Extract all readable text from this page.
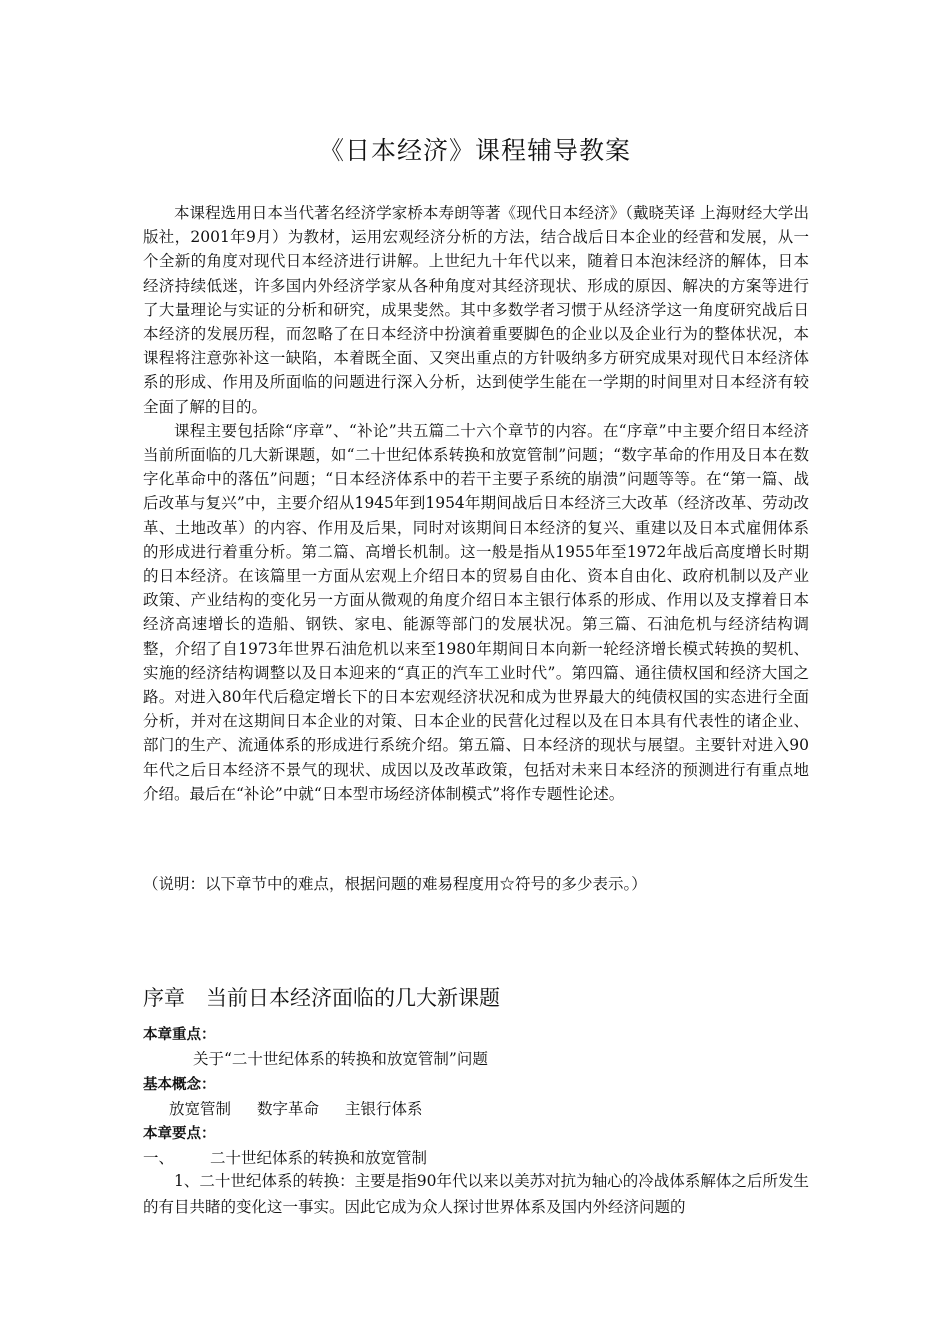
《日本经济》课程辅导教案

本课程选用日本当代著名经济学家桥本寿朗等著《现代日本经济》（戴晓芙译 上海财经大学出版社，2001年9月）为教材，运用宏观经济分析的方法，结合战后日本企业的经营和发展，从一个全新的角度对现代日本经济进行讲解。上世纪九十年代以来，随着日本泡沫经济的解体，日本经济持续低迷，许多国内外经济学家从各种角度对其经济现状、形成的原因、解决的方案等进行了大量理论与实证的分析和研究，成果斐然。其中多数学者习惯于从经济学这一角度研究战后日本经济的发展历程，而忽略了在日本经济中扮演着重要脚色的企业以及企业行为的整体状况，本课程将注意弥补这一缺陷，本着既全面、又突出重点的方针吸纳多方研究成果对现代日本经济体系的形成、作用及所面临的问题进行深入分析，达到使学生能在一学期的时间里对日本经济有较全面了解的目的。

课程主要包括除“序章”、“补论”共五篇二十六个章节的内容。在“序章”中主要介绍日本经济当前所面临的几大新课题，如“二十世纪体系转换和放宽管制”问题；“数字革命的作用及日本在数字化革命中的落伍”问题；“日本经济体系中的若干主要子系统的崩溃”问题等等。在“第一篇、战后改革与复兴”中，主要介绍从1945年到1954年期间战后日本经济三大改革（经济改革、劳动改革、土地改革）的内容、作用及后果，同时对该期间日本经济的复兴、重建以及日本式雇佣体系的形成进行着重分析。第二篇、高增长机制。这一般是指从1955年至1972年战后高度增长时期的日本经济。在该篇里一方面从宏观上介绍日本的贸易自由化、资本自由化、政府机制以及产业政策、产业结构的变化另一方面从微观的角度介绍日本主银行体系的形成、作用以及支撑着日本经济高速增长的造船、钢铁、家电、能源等部门的发展状况。第三篇、石油危机与经济结构调整，介绍了自1973年世界石油危机以来至1980年期间日本向新一轮经济增长模式转换的契机、实施的经济结构调整以及日本迎来的“真正的汽车工业时代”。第四篇、通往债权国和经济大国之路。对进入80年代后稳定增长下的日本宏观经济状况和成为世界最大的纯债权国的实态进行全面分析，并对在这期间日本企业的对策、日本企业的民营化过程以及在日本具有代表性的诸企业、部门的生产、流通体系的形成进行系统介绍。第五篇、日本经济的现状与展望。主要针对进入90年代之后日本经济不景气的现状、成因以及改革政策，包括对未来日本经济的预测进行有重点地介绍。最后在“补论”中就“日本型市场经济体制模式”将作专题性论述。

（说明：以下章节中的难点，根据问题的难易程度用☆符号的多少表示。）
序章　当前日本经济面临的几大新课题
本章重点：
关于“二十世纪体系的转换和放宽管制”问题
基本概念：
放宽管制 数字革命 主银行体系
本章要点：
一、 二十世纪体系的转换和放宽管制

1、二十世纪体系的转换：主要是指90年代以来以美苏对抗为轴心的冷战体系解体之后所发生的有目共睹的变化这一事实。因此它成为众人探讨世界体系及国内外经济问题的
